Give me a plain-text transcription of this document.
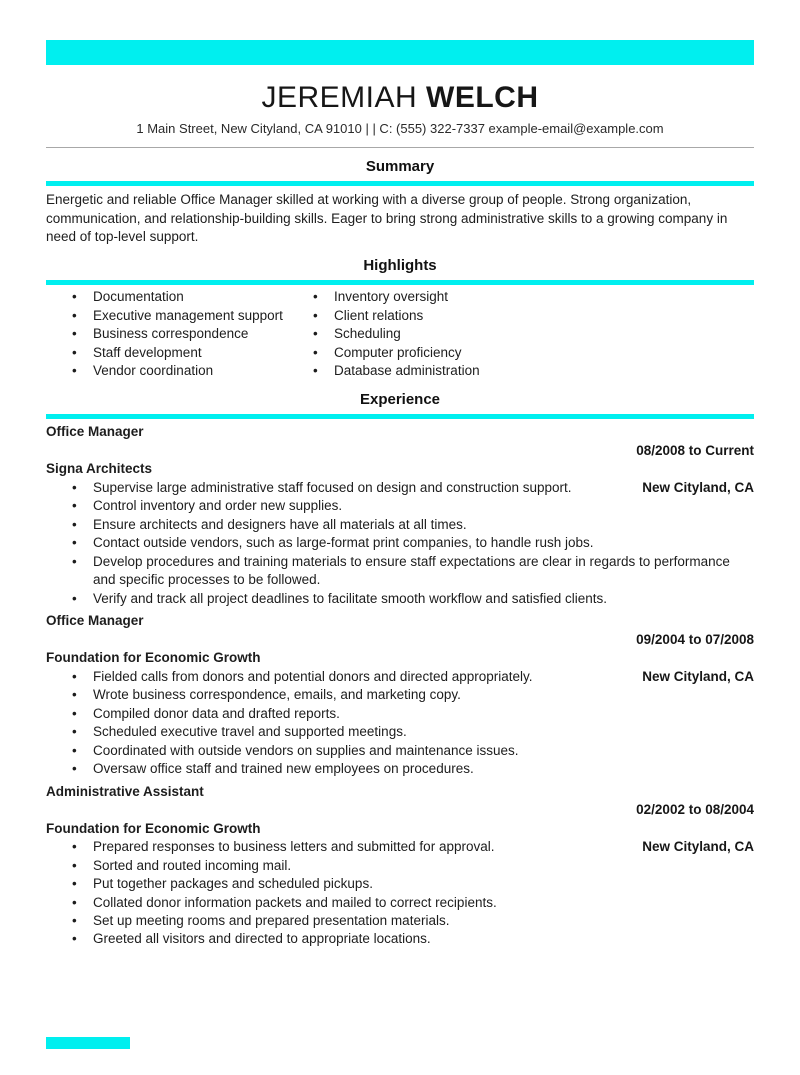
JEREMIAH WELCH
1 Main Street, New Cityland, CA 91010 | | C: (555) 322-7337 example-email@example.com
Summary

Energetic and reliable Office Manager skilled at working with a diverse group of people. Strong organization, communication, and relationship-building skills. Eager to bring strong administrative skills to a growing company in need of top-level support.

Highlights
• Documentation
• Executive management support
• Business correspondence
• Staff development
• Vendor coordination
• Inventory oversight
• Client relations
• Scheduling
• Computer proficiency
• Database administration
Experience
Office Manager
08/2008 to Current
Signa Architects
New Cityland, CA
• Supervise large administrative staff focused on design and construction support.
• Control inventory and order new supplies.
• Ensure architects and designers have all materials at all times.
• Contact outside vendors, such as large-format print companies, to handle rush jobs.
• Develop procedures and training materials to ensure staff expectations are clear in regards to performance and specific processes to be followed.
• Verify and track all project deadlines to facilitate smooth workflow and satisfied clients.
Office Manager
09/2004 to 07/2008
Foundation for Economic Growth
New Cityland, CA
• Fielded calls from donors and potential donors and directed appropriately.
• Wrote business correspondence, emails, and marketing copy.
• Compiled donor data and drafted reports.
• Scheduled executive travel and supported meetings.
• Coordinated with outside vendors on supplies and maintenance issues.
• Oversaw office staff and trained new employees on procedures.
Administrative Assistant
02/2002 to 08/2004
Foundation for Economic Growth
New Cityland, CA
• Prepared responses to business letters and submitted for approval.
• Sorted and routed incoming mail.
• Put together packages and scheduled pickups.
• Collated donor information packets and mailed to correct recipients.
• Set up meeting rooms and prepared presentation materials.
• Greeted all visitors and directed to appropriate locations.
